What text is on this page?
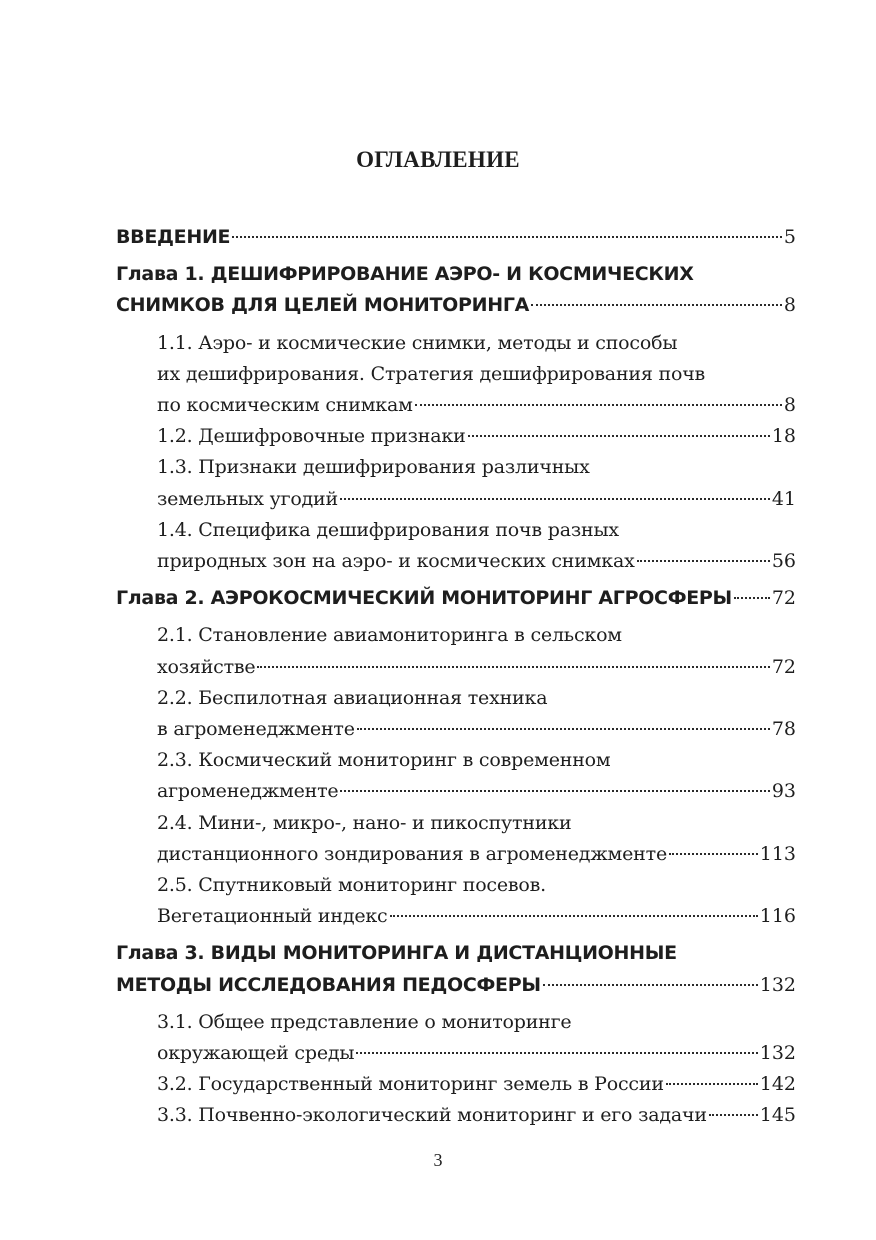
ОГЛАВЛЕНИЕ
ВВЕДЕНИЕ	5
Глава 1. ДЕШИФРИРОВАНИЕ АЭРО- И КОСМИЧЕСКИХ
СНИМКОВ ДЛЯ ЦЕЛЕЙ МОНИТОРИНГА	8
1.1. Аэро- и космические снимки, методы и способы
их дешифрирования. Стратегия дешифрирования почв
по космическим снимкам	8
1.2. Дешифровочные признаки	18
1.3. Признаки дешифрирования различных
земельных угодий	41
1.4. Специфика дешифрирования почв разных
природных зон на аэро- и космических снимках	56
Глава 2. АЭРОКОСМИЧЕСКИЙ МОНИТОРИНГ АГРОСФЕРЫ 72
2.1. Становление авиамониторинга в сельском
хозяйстве	72
2.2. Беспилотная авиационная техника
в агроменеджменте	78
2.3. Космический мониторинг в современном
агроменеджменте	93
2.4. Мини-, микро-, нано- и пикоспутники
дистанционного зондирования в агроменеджменте	113
2.5. Спутниковый мониторинг посевов.
Вегетационный индекс	116
Глава 3. ВИДЫ МОНИТОРИНГА И ДИСТАНЦИОННЫЕ
МЕТОДЫ ИССЛЕДОВАНИЯ ПЕДОСФЕРЫ	132
3.1. Общее представление о мониторинге
окружающей среды	132
3.2. Государственный мониторинг земель в России	142
3.3. Почвенно-экологический мониторинг и его задачи	145
3
